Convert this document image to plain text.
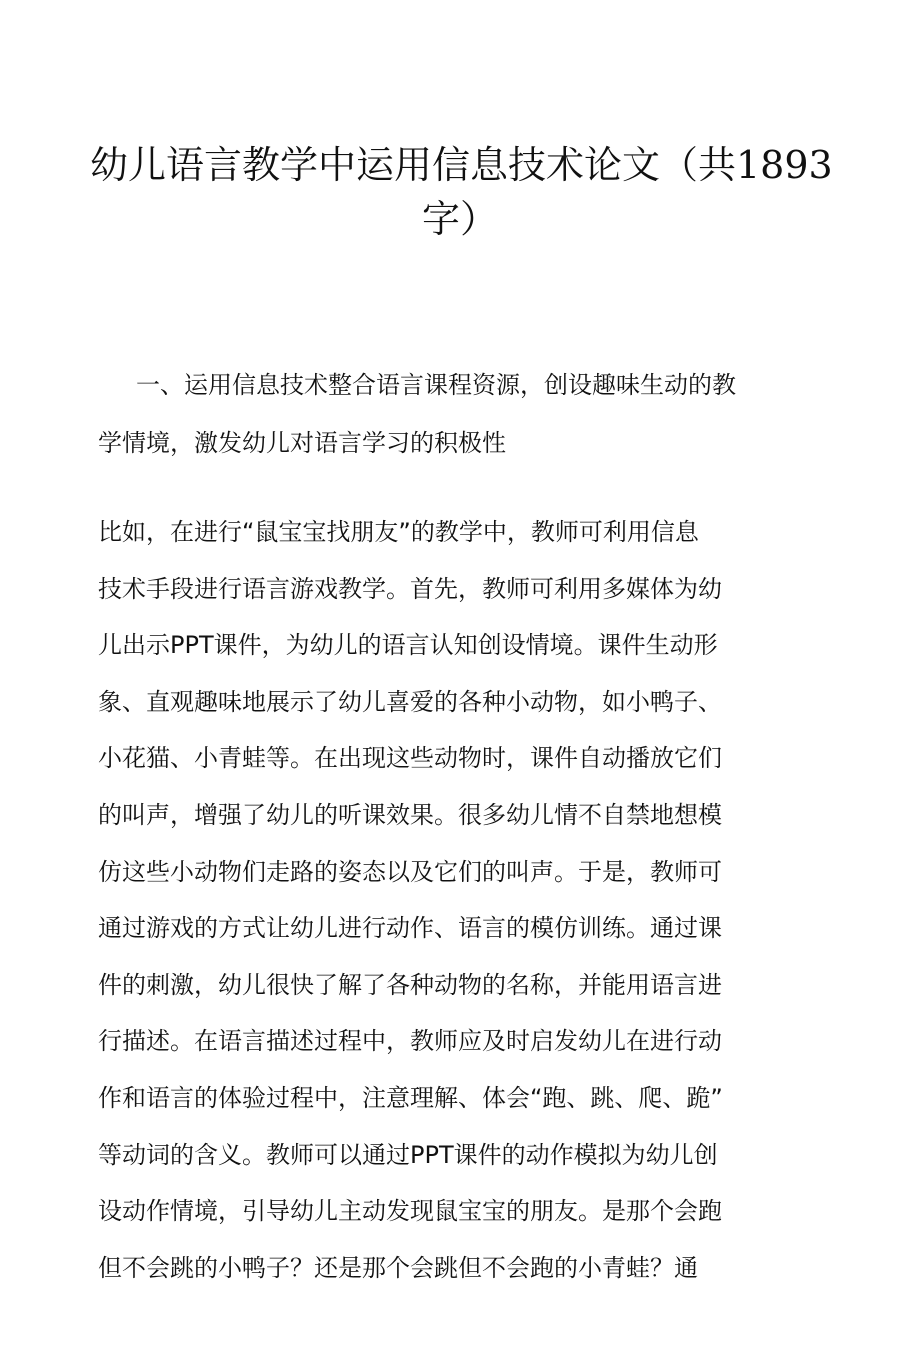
幼儿语言教学中运用信息技术论文（共1893
字）

一、运用信息技术整合语言课程资源，创设趣味生动的教
学情境，激发幼儿对语言学习的积极性

比如，在进行“鼠宝宝找朋友”的教学中，教师可利用信息
技术手段进行语言游戏教学。首先，教师可利用多媒体为幼
儿出示PPT课件，为幼儿的语言认知创设情境。课件生动形
象、直观趣味地展示了幼儿喜爱的各种小动物，如小鸭子、
小花猫、小青蛙等。在出现这些动物时，课件自动播放它们
的叫声，增强了幼儿的听课效果。很多幼儿情不自禁地想模
仿这些小动物们走路的姿态以及它们的叫声。于是，教师可
通过游戏的方式让幼儿进行动作、语言的模仿训练。通过课
件的刺激，幼儿很快了解了各种动物的名称，并能用语言进
行描述。在语言描述过程中，教师应及时启发幼儿在进行动
作和语言的体验过程中，注意理解、体会“跑、跳、爬、跪”
等动词的含义。教师可以通过PPT课件的动作模拟为幼儿创
设动作情境，引导幼儿主动发现鼠宝宝的朋友。是那个会跑
但不会跳的小鸭子？还是那个会跳但不会跑的小青蛙？通
